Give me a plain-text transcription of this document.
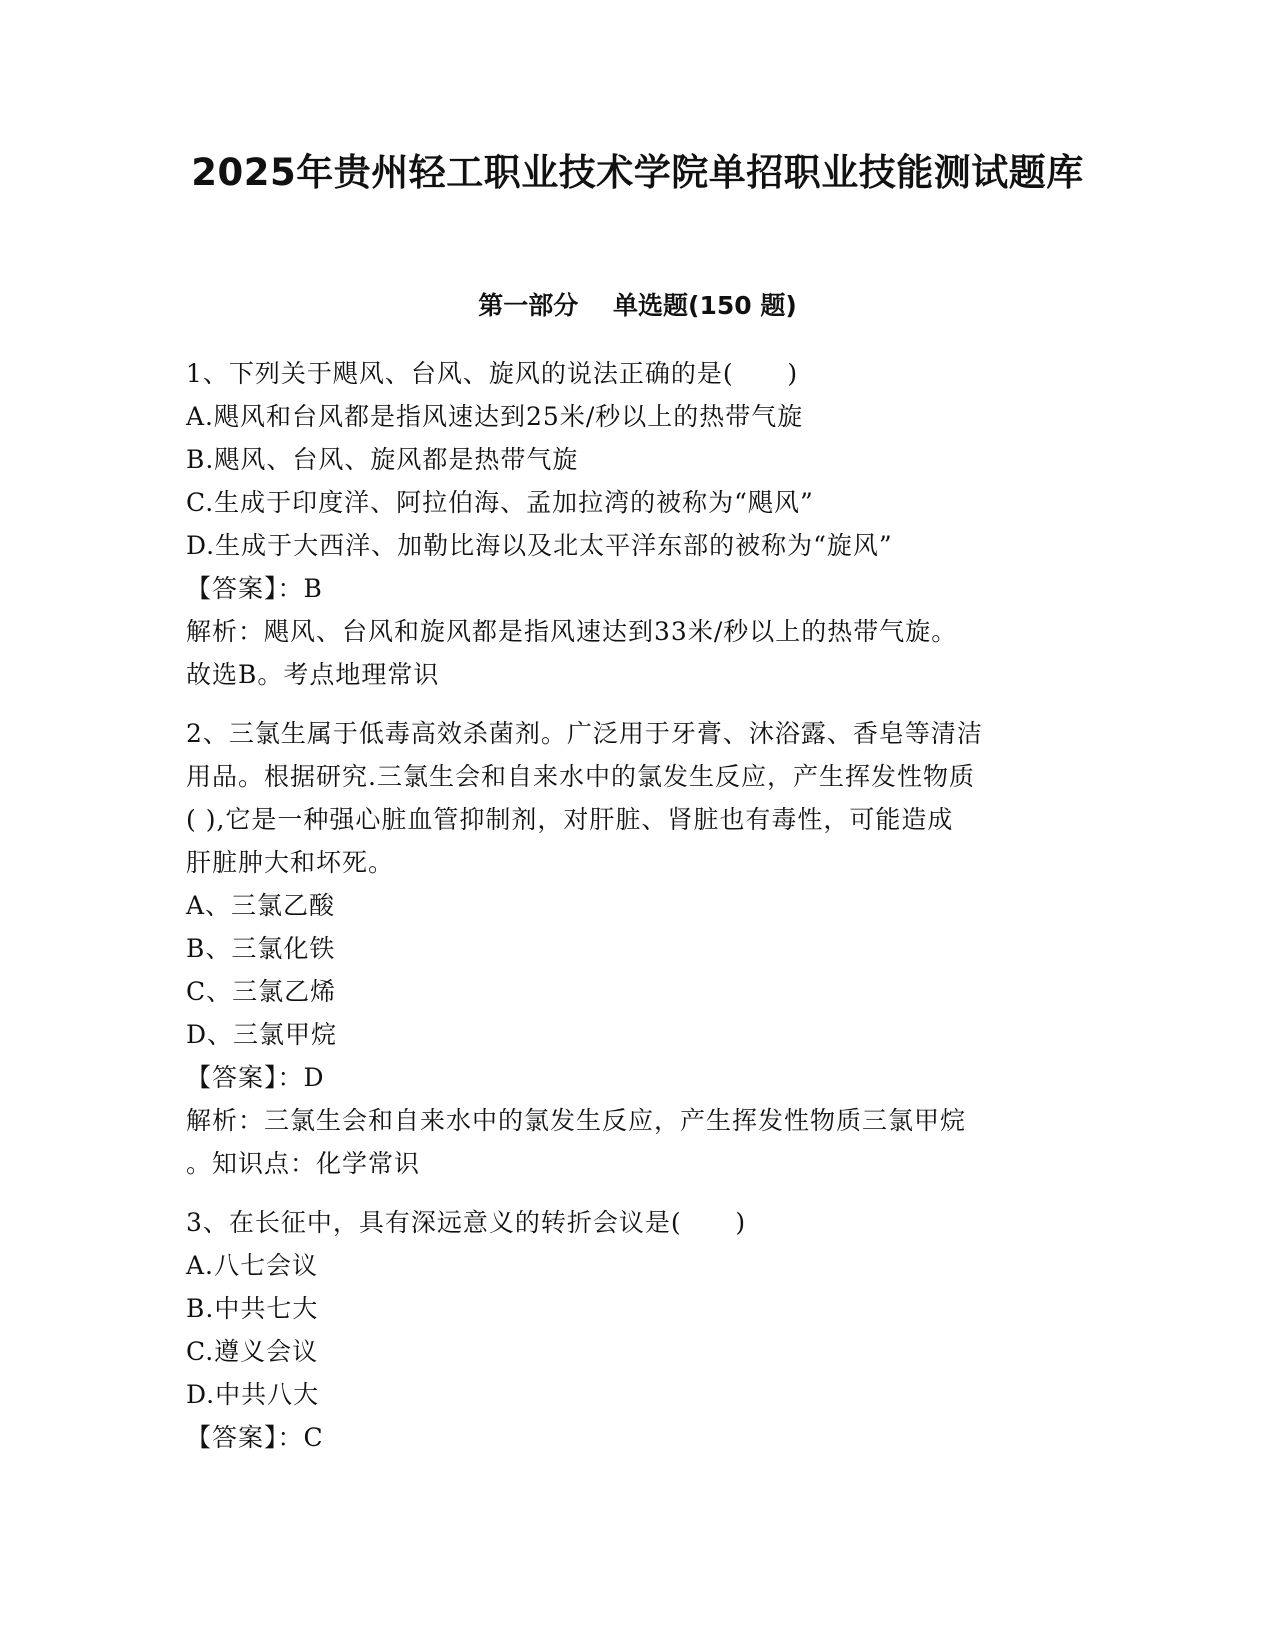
2025年贵州轻工职业技术学院单招职业技能测试题库
第一部分    单选题(150 题)
1、下列关于飓风、台风、旋风的说法正确的是(      )
A.飓风和台风都是指风速达到25米/秒以上的热带气旋
B.飓风、台风、旋风都是热带气旋
C.生成于印度洋、阿拉伯海、孟加拉湾的被称为“飓风”
D.生成于大西洋、加勒比海以及北太平洋东部的被称为“旋风”
【答案】：B
解析：飓风、台风和旋风都是指风速达到33米/秒以上的热带气旋。
故选B。考点地理常识
2、三氯生属于低毒高效杀菌剂。广泛用于牙膏、沐浴露、香皂等清洁
用品。根据研究.三氯生会和自来水中的氯发生反应，产生挥发性物质
( ),它是一种强心脏血管抑制剂，对肝脏、肾脏也有毒性，可能造成
肝脏肿大和坏死。
A、三氯乙酸
B、三氯化铁
C、三氯乙烯
D、三氯甲烷
【答案】：D
解析：三氯生会和自来水中的氯发生反应，产生挥发性物质三氯甲烷
。知识点：化学常识
3、在长征中，具有深远意义的转折会议是(      )
A.八七会议
B.中共七大
C.遵义会议
D.中共八大
【答案】：C
